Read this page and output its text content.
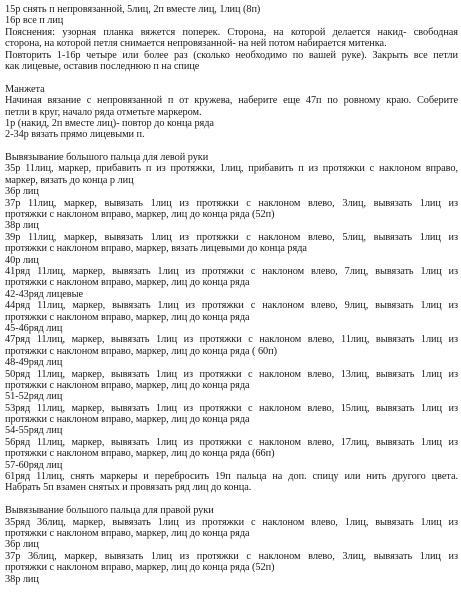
15р снять п непровязанной, 5лиц, 2п вместе лиц, 1лиц (8п)
16р все п лиц
Пояснения: узорная планка вяжется поперек. Сторона, на которой делается накид- свободная
сторона, на которой петля снимается непровязанной- на ней потом набирается митенка.
Повторить 1-16р четыре или более раз (сколько необходимо по вашей руке). Закрыть все петли
как лицевые, оставив последнюю п на спице
Манжета
Начиная вязание с непровязанной п от кружева, наберите еще 47п по ровному краю. Соберите
петли в круг, начало ряда отметьте маркером.
1р (накид, 2п вместе лиц)- повтор до конца ряда
2-34р вязать прямо лицевыми п.
Вывязывание большого пальца для левой руки
35р 11лиц, маркер, прибавить п из протяжки, 1лиц, прибавить п из протяжки с наклоном вправо,
маркер, вязать до конца р лиц
36р лиц
37р 11лиц, маркер, вывязать 1лиц из протяжки с наклоном влево, 3лиц, вывязать 1лиц из
протяжки с наклоном вправо, маркер, лиц до конца ряда (52п)
38р лиц
39р 11лиц, маркер, вывязать 1лиц из протяжки с наклоном влево, 5лиц, вывязать 1лиц из
протяжки с наклоном вправо, маркер, вязать лицевыми до конца ряда
40р лиц
41ряд 11лиц, маркер, вывязать 1лиц из протяжки с наклоном влево, 7лиц, вывязать 1лиц из
протяжки с наклоном вправо, маркер, лиц до конца ряда
42-43ряд лицевые
44ряд 11лиц, маркер, вывязать 1лиц из протяжки с наклоном влево, 9лиц, вывязать 1лиц из
протяжки с наклоном вправо, маркер, лиц до конца ряда
45-46ряд лиц
47ряд 11лиц, маркер, вывязать 1лиц из протяжки с наклоном влево, 11лиц, вывязать 1лиц из
протяжки с наклоном вправо, маркер, лиц до конца ряда ( 60п)
48-49ряд лиц
50ряд 11лиц, маркер, вывязать 1лиц из протяжки с наклоном влево, 13лиц, вывязать 1лиц из
протяжки с наклоном вправо, маркер, лиц до конца ряда
51-52ряд лиц
53ряд 11лиц, маркер, вывязать 1лиц из протяжки с наклоном влево, 15лиц, вывязать 1лиц из
протяжки с наклоном вправо, маркер, лиц до конца ряда
54-55ряд лиц
56ряд 11лиц, маркер, вывязать 1лиц из протяжки с наклоном влево, 17лиц, вывязать 1лиц из
протяжки с наклоном вправо, маркер, лиц до конца ряда (66п)
57-60ряд лиц
61ряд 11лиц, снять маркеры и перебросить 19п пальца на доп. спицу или нить другого цвета.
Набрать 5п взамен снятых и провязать ряд лиц до конца.
Вывязывание большого пальца для правой руки
35ряд 36лиц, маркер, вывязать 1лиц из протяжки с наклоном влево, 1лиц, вывязать 1лиц из
протяжки с наклоном вправо, маркер, лиц до конца ряда
36р лиц
37р 36лиц, маркер, вывязать 1лиц из протяжки с наклоном влево, 3лиц, вывязать 1лиц из
протяжки с наклоном вправо, маркер, лиц до конца ряда (52п)
38р лиц
